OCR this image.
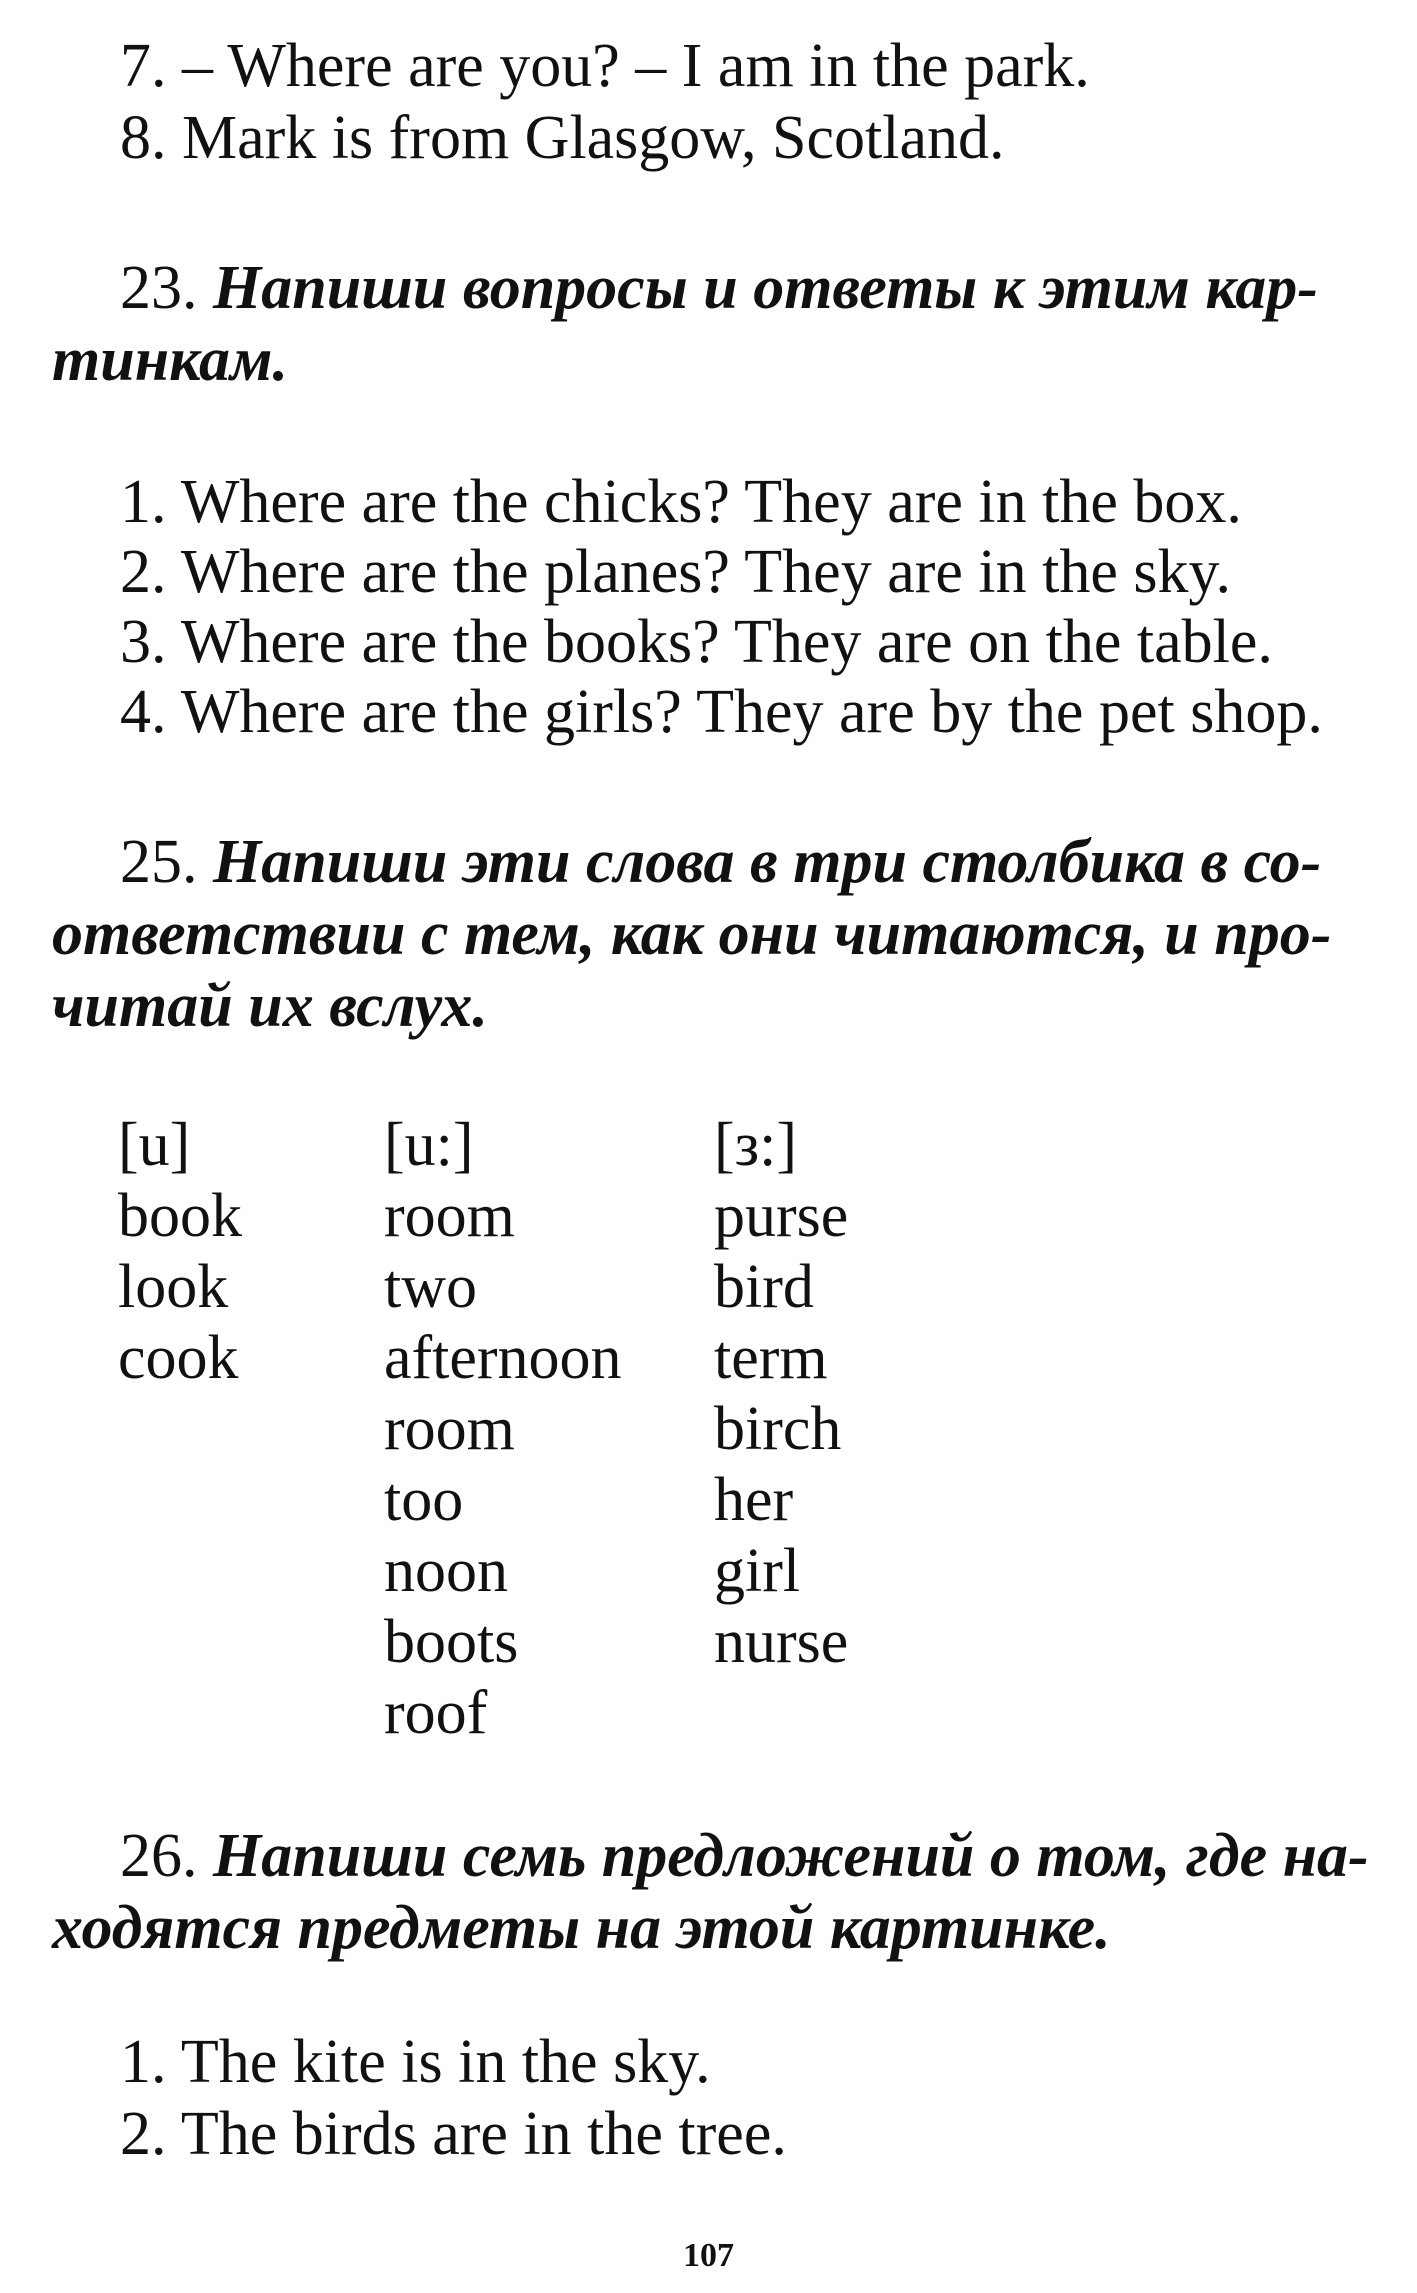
7. – Where are you? – I am in the park.
8. Mark is from Glasgow, Scotland.

23. Напиши вопросы и ответы к этим кар-

тинкам.

1. Where are the chicks? They are in the box.
2. Where are the planes? They are in the sky.
3. Where are the books? They are on the table.
4. Where are the girls? They are by the pet shop.

25. Напиши эти слова в три столбика в со-

ответствии с тем, как они читаются, и про-

читай их вслух.

[u]
book
look
cook
[u:]
room
two
afternoon
room
too
noon
boots
roof
[з:]
purse
bird
term
birch
her
girl
nurse

26. Напиши семь предложений о том, где на-

ходятся предметы на этой картинке.

1. The kite is in the sky.
2. The birds are in the tree.
107
